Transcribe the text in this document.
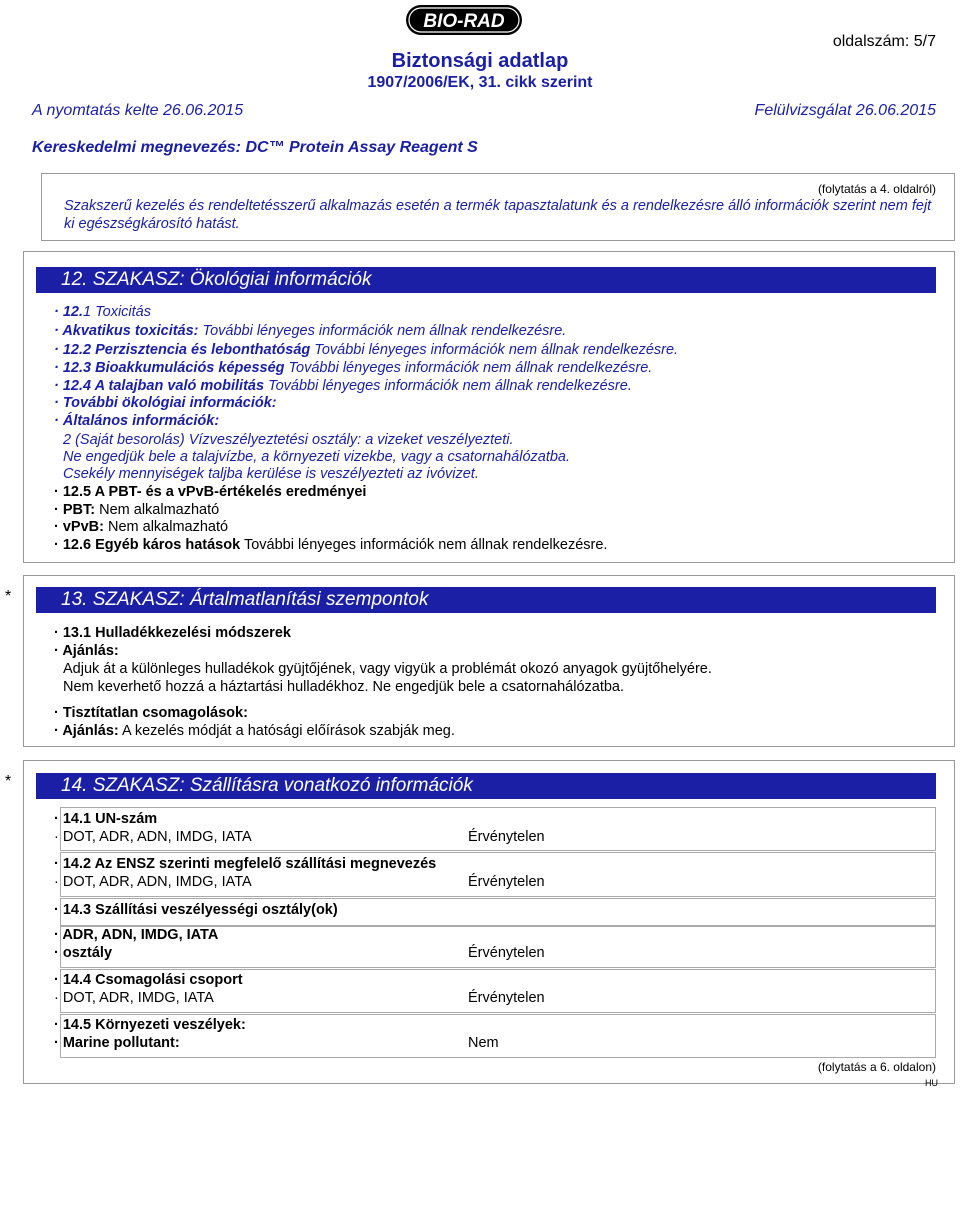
BIO-RAD
oldalszám: 5/7
Biztonsági adatlap
1907/2006/EK, 31. cikk szerint
A nyomtatás kelte 26.06.2015	Felülvizsgálat 26.06.2015
Kereskedelmi megnevezés: DC™ Protein Assay Reagent S
(folytatás a 4. oldalról)
Szakszerű kezelés és rendeltetésszerű alkalmazás esetén a termék tapasztalatunk és a rendelkezésre álló információk szerint nem fejt ki egészségkárosító hatást.
12. SZAKASZ: Ökológiai információk
· 12.1 Toxicitás
· Akvatikus toxicitás: További lényeges információk nem állnak rendelkezésre.
· 12.2 Perzisztencia és lebonthatóság További lényeges információk nem állnak rendelkezésre.
· 12.3 Bioakkumulációs képesség További lényeges információk nem állnak rendelkezésre.
· 12.4 A talajban való mobilitás További lényeges információk nem állnak rendelkezésre.
· További ökológiai információk:
· Általános információk:
2 (Saját besorolás) Vízveszélyeztetési osztály: a vizeket veszélyezteti.
Ne engedjük bele a talajvízbe, a környezeti vizekbe, vagy a csatornahálózatba.
Csekély mennyiségek taljba kerülése is veszélyezteti az ivóvizet.
· 12.5 A PBT- és a vPvB-értékelés eredményei
· PBT: Nem alkalmazható
· vPvB: Nem alkalmazható
· 12.6 Egyéb káros hatások További lényeges információk nem állnak rendelkezésre.
*	13. SZAKASZ: Ártalmatlanítási szempontok
· 13.1 Hulladékkezelési módszerek
· Ajánlás:
Adjuk át a különleges hulladékok gyüjtőjének, vagy vigyük a problémát okozó anyagok gyüjtőhelyére.
Nem keverhető hozzá a háztartási hulladékhoz. Ne engedjük bele a csatornahálózatba.
· Tisztítatlan csomagolások:
· Ajánlás: A kezelés módját a hatósági előírások szabják meg.
*	14. SZAKASZ: Szállításra vonatkozó információk
· 14.1 UN-szám
· DOT, ADR, ADN, IMDG, IATA	Érvénytelen
· 14.2 Az ENSZ szerinti megfelelő szállítási megnevezés
· DOT, ADR, ADN, IMDG, IATA	Érvénytelen
· 14.3 Szállítási veszélyességi osztály(ok)
· ADR, ADN, IMDG, IATA
· osztály	Érvénytelen
· 14.4 Csomagolási csoport
· DOT, ADR, IMDG, IATA	Érvénytelen
· 14.5 Környezeti veszélyek:
· Marine pollutant:	Nem
(folytatás a 6. oldalon)
HU
